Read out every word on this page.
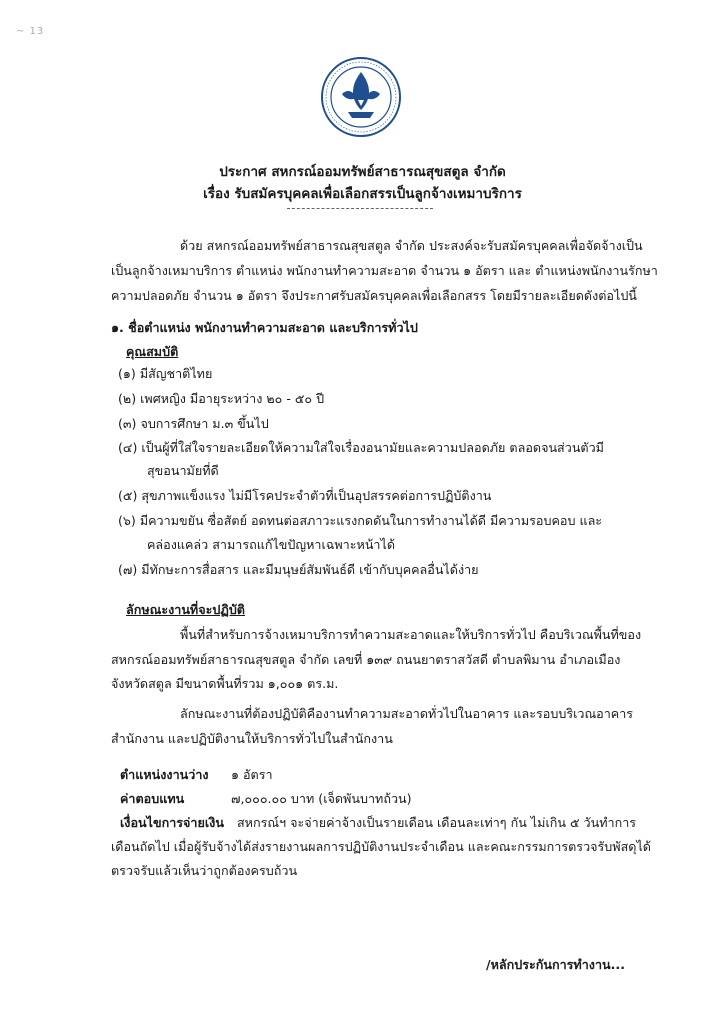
~ 13
ประกาศ สหกรณ์ออมทรัพย์สาธารณสุขสตูล จำกัด
เรื่อง รับสมัครบุคคลเพื่อเลือกสรรเป็นลูกจ้างเหมาบริการ
ด้วย สหกรณ์ออมทรัพย์สาธารณสุขสตูล จำกัด ประสงค์จะรับสมัครบุคคลเพื่อจัดจ้างเป็น
เป็นลูกจ้างเหมาบริการ ตำแหน่ง พนักงานทำความสะอาด จำนวน ๑ อัตรา และ ตำแหน่งพนักงานรักษา
ความปลอดภัย จำนวน ๑ อัตรา จึงประกาศรับสมัครบุคคลเพื่อเลือกสรร โดยมีรายละเอียดดังต่อไปนี้
๑. ชื่อตำแหน่ง พนักงานทำความสะอาด และบริการทั่วไป
คุณสมบัติ
(๑) มีสัญชาติไทย
(๒) เพศหญิง มีอายุระหว่าง ๒๐ - ๕๐ ปี
(๓) จบการศึกษา ม.๓ ขึ้นไป
(๔) เป็นผู้ที่ใส่ใจรายละเอียดให้ความใส่ใจเรื่องอนามัยและความปลอดภัย ตลอดจนส่วนตัวมี
สุขอนามัยที่ดี
(๕) สุขภาพแข็งแรง ไม่มีโรคประจำตัวที่เป็นอุปสรรคต่อการปฏิบัติงาน
(๖) มีความขยัน ซื่อสัตย์ อดทนต่อสภาวะแรงกดดันในการทำงานได้ดี มีความรอบคอบ และ
คล่องแคล่ว สามารถแก้ไขปัญหาเฉพาะหน้าได้
(๗) มีทักษะการสื่อสาร และมีมนุษย์สัมพันธ์ดี เข้ากับบุคคลอื่นได้ง่าย
ลักษณะงานที่จะปฏิบัติ
พื้นที่สำหรับการจ้างเหมาบริการทำความสะอาดและให้บริการทั่วไป คือบริเวณพื้นที่ของ
สหกรณ์ออมทรัพย์สาธารณสุขสตูล จำกัด เลขที่ ๑๓๙ ถนนยาตราสวัสดี ตำบลพิมาน อำเภอเมือง
จังหวัดสตูล มีขนาดพื้นที่รวม ๑,๐๐๑ ตร.ม.
ลักษณะงานที่ต้องปฏิบัติคืองานทำความสะอาดทั่วไปในอาคาร และรอบบริเวณอาคาร
สำนักงาน และปฏิบัติงานให้บริการทั่วไปในสำนักงาน
ตำแหน่งงานว่าง ๑ อัตรา
ค่าตอบแทน	๗,๐๐๐.๐๐ บาท (เจ็ดพันบาทถ้วน)
เงื่อนไขการจ่ายเงิน สหกรณ์ฯ จะจ่ายค่าจ้างเป็นรายเดือน เดือนละเท่าๆ กัน ไม่เกิน ๕ วันทำการ
เดือนถัดไป เมื่อผู้รับจ้างได้ส่งรายงานผลการปฏิบัติงานประจำเดือน และคณะกรรมการตรวจรับพัสดุได้
ตรวจรับแล้วเห็นว่าถูกต้องครบถ้วน
/หลักประกันการทำงาน...
